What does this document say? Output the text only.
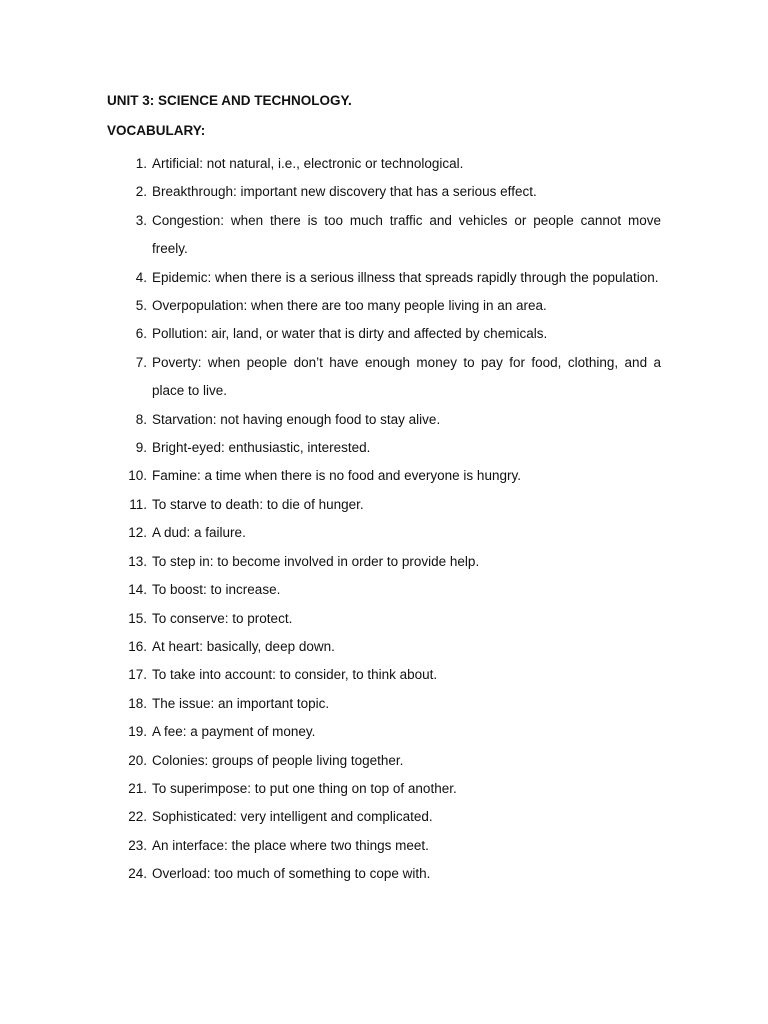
UNIT 3: SCIENCE AND TECHNOLOGY.
VOCABULARY:
1. Artificial: not natural, i.e., electronic or technological.
2. Breakthrough: important new discovery that has a serious effect.
3. Congestion: when there is too much traffic and vehicles or people cannot move freely.
4. Epidemic: when there is a serious illness that spreads rapidly through the population.
5. Overpopulation: when there are too many people living in an area.
6. Pollution: air, land, or water that is dirty and affected by chemicals.
7. Poverty: when people don’t have enough money to pay for food, clothing, and a place to live.
8. Starvation: not having enough food to stay alive.
9. Bright-eyed: enthusiastic, interested.
10. Famine: a time when there is no food and everyone is hungry.
11. To starve to death: to die of hunger.
12. A dud: a failure.
13. To step in: to become involved in order to provide help.
14. To boost: to increase.
15. To conserve: to protect.
16. At heart: basically, deep down.
17. To take into account: to consider, to think about.
18. The issue: an important topic.
19. A fee: a payment of money.
20. Colonies: groups of people living together.
21. To superimpose: to put one thing on top of another.
22. Sophisticated: very intelligent and complicated.
23. An interface: the place where two things meet.
24. Overload: too much of something to cope with.
